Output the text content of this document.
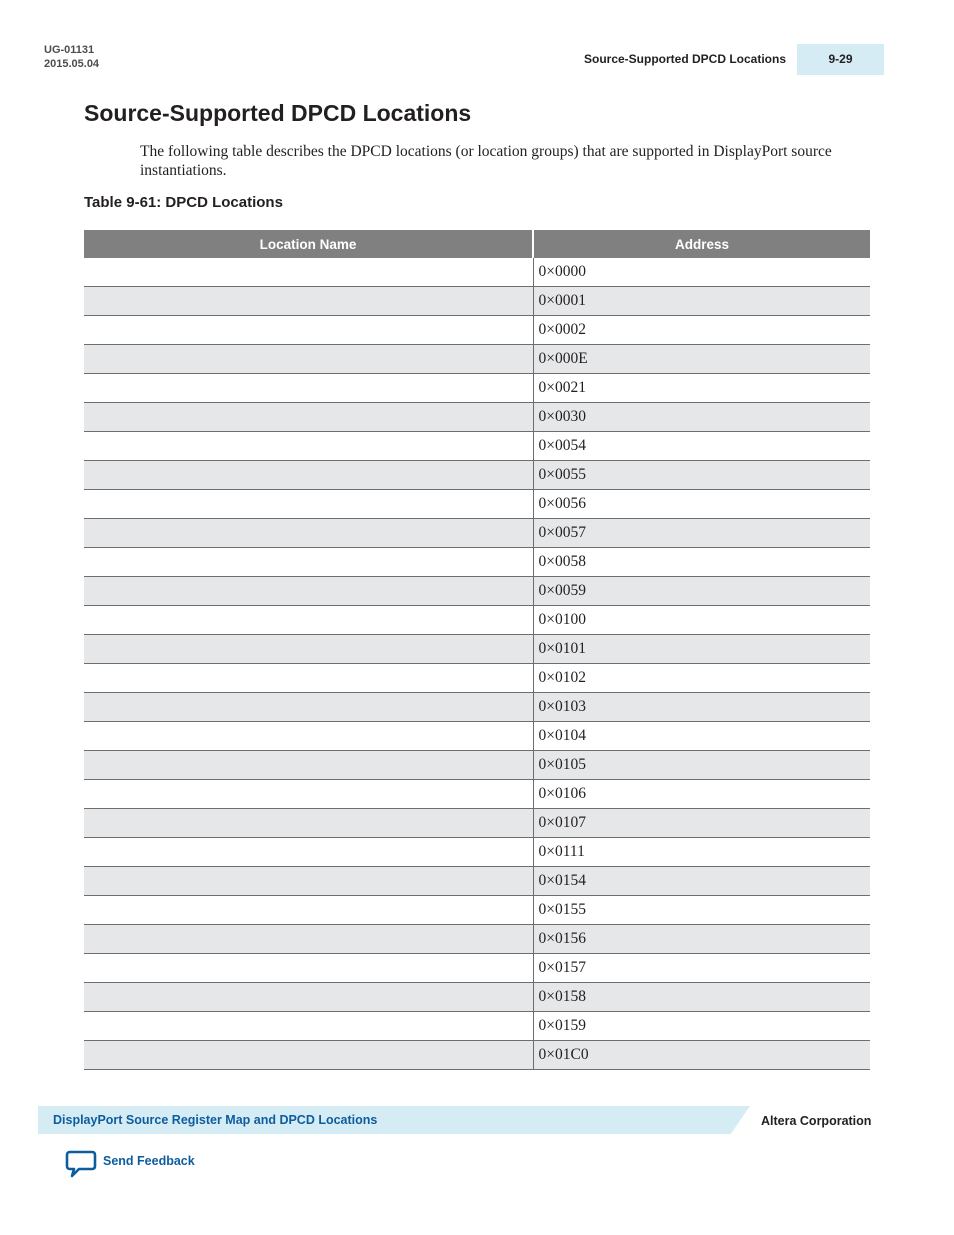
UG-01131
2015.05.04	Source-Supported DPCD Locations	9-29
Source-Supported DPCD Locations

The following table describes the DPCD locations (or location groups) that are supported in DisplayPort source instantiations.

Table 9-61: DPCD Locations
Location Name	Address
	0×0000
	0×0001
	0×0002
	0×000E
	0×0021
	0×0030
	0×0054
	0×0055
	0×0056
	0×0057
	0×0058
	0×0059
	0×0100
	0×0101
	0×0102
	0×0103
	0×0104
	0×0105
	0×0106
	0×0107
	0×0111
	0×0154
	0×0155
	0×0156
	0×0157
	0×0158
	0×0159
	0×01C0
DisplayPort Source Register Map and DPCD Locations	Altera Corporation
Send Feedback
